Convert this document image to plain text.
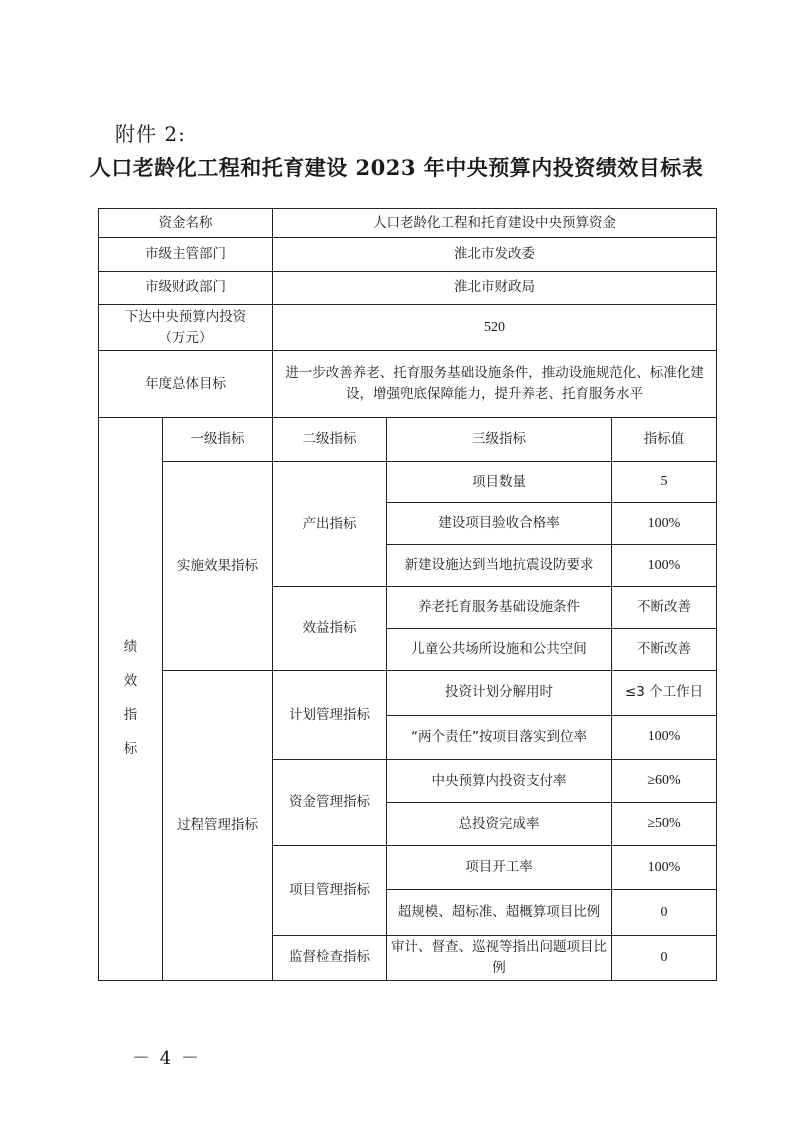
附件 2:
人口老龄化工程和托育建设 2023 年中央预算内投资绩效目标表
资金名称		人口老龄化工程和托育建设中央预算资金		
市级主管部门		淮北市发改委		
市级财政部门		淮北市财政局		

下达中央预算内投资
（万元）		520		
年度总体目标		进一步改善养老、托育服务基础设施条件，推动设施规范化、标准化建设，增强兜底保障能力，提升养老、托育服务水平		

绩
效
指
标	一级指标	二级指标	三级指标	指标值
	实施效果指标	产出指标	项目数量	5
			建设项目验收合格率	100%
			新建设施达到当地抗震设防要求	100%
		效益指标	养老托育服务基础设施条件	不断改善
			儿童公共场所设施和公共空间	不断改善
	过程管理指标	计划管理指标	投资计划分解用时	≤3 个工作日
			“两个责任”按项目落实到位率	100%
		资金管理指标	中央预算内投资支付率	≥60%
			总投资完成率	≥50%
		项目管理指标	项目开工率	100%
			超规模、超标准、超概算项目比例	0
		监督检查指标	审计、督查、巡视等指出问题项目比例	0
－ 4 －
